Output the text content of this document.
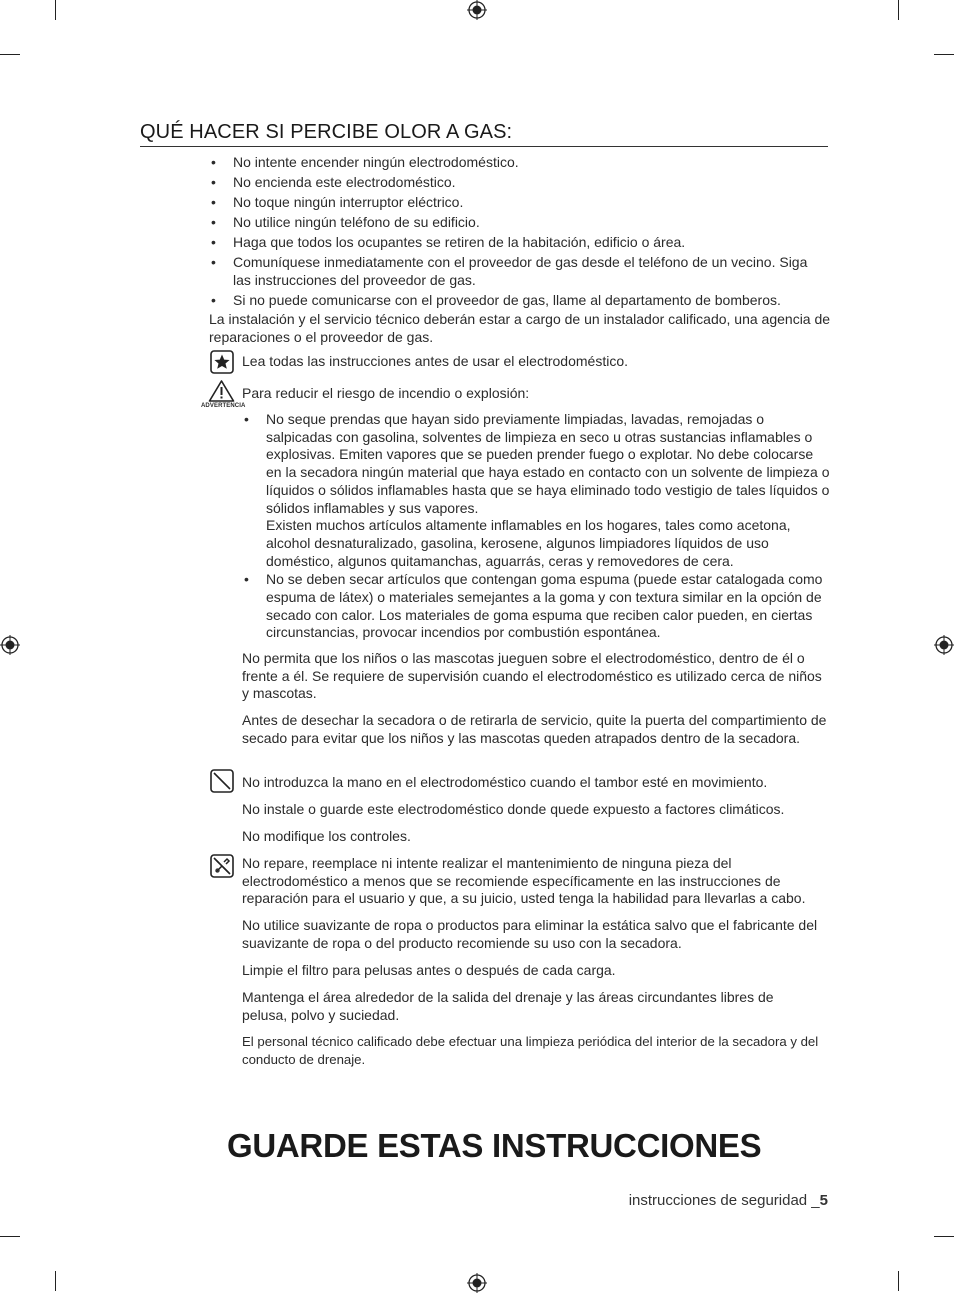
QUÉ HACER SI PERCIBE OLOR A GAS:
• No intente encender ningún electrodoméstico.
• No encienda este electrodoméstico.
• No toque ningún interruptor eléctrico.
• No utilice ningún teléfono de su edificio.
• Haga que todos los ocupantes se retiren de la habitación, edificio o área.
• Comuníquese inmediatamente con el proveedor de gas desde el teléfono de un vecino. Siga las instrucciones del proveedor de gas.
• Si no puede comunicarse con el proveedor de gas, llame al departamento de bomberos.

La instalación y el servicio técnico deberán estar a cargo de un instalador calificado, una agencia de reparaciones o el proveedor de gas.

Lea todas las instrucciones antes de usar el electrodoméstico.

ADVERTENCIA

Para reducir el riesgo de incendio o explosión:

• No seque prendas que hayan sido previamente limpiadas, lavadas, remojadas o salpicadas con gasolina, solventes de limpieza en seco u otras sustancias inflamables o explosivas. Emiten vapores que se pueden prender fuego o explotar. No debe colocarse en la secadora ningún material que haya estado en contacto con un solvente de limpieza o líquidos o sólidos inflamables hasta que se haya eliminado todo vestigio de tales líquidos o sólidos inflamables y sus vapores.
Existen muchos artículos altamente inflamables en los hogares, tales como acetona, alcohol desnaturalizado, gasolina, kerosene, algunos limpiadores líquidos de uso doméstico, algunos quitamanchas, aguarrás, ceras y removedores de cera.
• No se deben secar artículos que contengan goma espuma (puede estar catalogada como espuma de látex) o materiales semejantes a la goma y con textura similar en la opción de secado con calor. Los materiales de goma espuma que reciben calor pueden, en ciertas circunstancias, provocar incendios por combustión espontánea.

No permita que los niños o las mascotas jueguen sobre el electrodoméstico, dentro de él o frente a él. Se requiere de supervisión cuando el electrodoméstico es utilizado cerca de niños y mascotas.

Antes de desechar la secadora o de retirarla de servicio, quite la puerta del compartimiento de secado para evitar que los niños y las mascotas queden atrapados dentro de la secadora.

No introduzca la mano en el electrodoméstico cuando el tambor esté en movimiento.

No instale o guarde este electrodoméstico donde quede expuesto a factores climáticos.

No modifique los controles.

No repare, reemplace ni intente realizar el mantenimiento de ninguna pieza del electrodoméstico a menos que se recomiende específicamente en las instrucciones de reparación para el usuario y que, a su juicio, usted tenga la habilidad para llevarlas a cabo.

No utilice suavizante de ropa o productos para eliminar la estática salvo que el fabricante del suavizante de ropa o del producto recomiende su uso con la secadora.

Limpie el filtro para pelusas antes o después de cada carga.

Mantenga el área alrededor de la salida del drenaje y las áreas circundantes libres de pelusa, polvo y suciedad.

El personal técnico calificado debe efectuar una limpieza periódica del interior de la secadora y del conducto de drenaje.

GUARDE ESTAS INSTRUCCIONES
instrucciones de seguridad _5
